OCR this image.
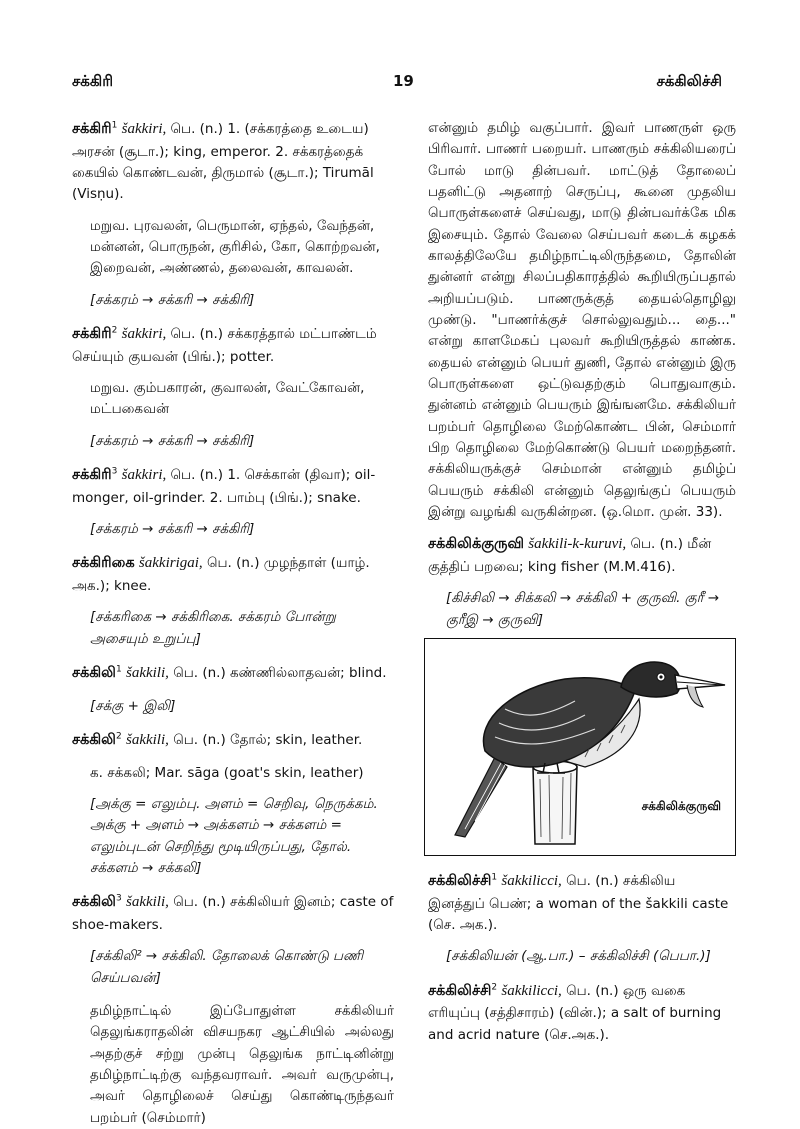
சக்கிரி	19	சக்கிலிச்சி
சக்கிரி$^1$ šakkiri, பெ. (n.) 1. (சக்கரத்தை உடைய) அரசன் (சூடா.); king, emperor. 2. சக்கரத்தைக் கையில் கொண்டவன், திருமால் (சூடா.); Tirumāl (Visṇu).
மறுவ. புரவலன், பெருமான், ஏந்தல், வேந்தன், மன்னன், பொருநன், குரிசில், கோ, கொற்றவன், இறைவன், அண்ணல், தலைவன், காவலன்.
[சக்கரம் → சக்கரி → சக்கிரி]
சக்கிரி$^2$ šakkiri, பெ. (n.) சக்கரத்தால் மட்பாண்டம் செய்யும் குயவன் (பிங்.); potter.
மறுவ. கும்பகாரன், குவாலன், வேட்கோவன், மட்பகைவன்
[சக்கரம் → சக்கரி → சக்கிரி]
சக்கிரி$^3$ šakkiri, பெ. (n.) 1. செக்கான் (திவா); oil-monger, oil-grinder. 2. பாம்பு (பிங்.); snake.
[சக்கரம் → சக்கரி → சக்கிரி]
சக்கிரிகை šakkirigai, பெ. (n.) முழந்தாள் (யாழ். அக.); knee.
[சக்கரிகை → சக்கிரிகை. சக்கரம் போன்று அசையும் உறுப்பு]
சக்கிலி$^1$ šakkili, பெ. (n.) கண்ணில்லாதவன்; blind.
[சக்கு + இலி]
சக்கிலி$^2$ šakkili, பெ. (n.) தோல்; skin, leather.
க. சக்கலி; Mar. sāga (goat's skin, leather)
[அக்கு = எலும்பு. அளம் = செறிவு, நெருக்கம். அக்கு + அளம் → அக்களம் → சக்களம் = எலும்புடன் செறிந்து மூடியிருப்பது, தோல். சக்களம் → சக்கலி]
சக்கிலி$^3$ šakkili, பெ. (n.) சக்கிலியர் இனம்; caste of shoe-makers.
[சக்கிலி² → சக்கிலி. தோலைக் கொண்டு பணி செய்பவன்]
தமிழ்நாட்டில் இப்போதுள்ள சக்கிலியர் தெலுங்கராதலின் விசயநகர ஆட்சியில் அல்லது அதற்குச் சற்று முன்பு தெலுங்க நாட்டினின்று தமிழ்நாட்டிற்கு வந்தவராவர். அவர் வருமுன்பு, அவர் தொழிலைச் செய்து கொண்டிருந்தவர் பறம்பர் (செம்மார்)
என்னும் தமிழ் வகுப்பார். இவர் பாணருள் ஒரு பிரிவார். பாணர் பறையர். பாணரும் சக்கிலியரைப் போல் மாடு தின்பவர். மாட்டுத் தோலைப் பதனிட்டு அதனாற் செருப்பு, கூனை முதலிய பொருள்களைச் செய்வது, மாடு தின்பவர்க்கே மிக இசையும். தோல் வேலை செய்பவர் கடைக் கழகக் காலத்திலேயே தமிழ்நாட்டிலிருந்தமை, தோலின் துன்னர் என்று சிலப்பதிகாரத்தில் கூறியிருப்பதால் அறியப்படும். பாணருக்குத் தையல்தொழிலு முண்டு. "பாணர்க்குச் சொல்லுவதும்... தை..." என்று காளமேகப் புலவர் கூறியிருத்தல் காண்க. தையல் என்னும் பெயர் துணி, தோல் என்னும் இரு பொருள்களை ஒட்டுவதற்கும் பொதுவாகும். துன்னம் என்னும் பெயரும் இங்ஙனமே. சக்கிலியர் பறம்பர் தொழிலை மேற்கொண்ட பின், செம்மார் பிற தொழிலை மேற்கொண்டு பெயர் மறைந்தனர். சக்கிலியருக்குச் செம்மான் என்னும் தமிழ்ப் பெயரும் சக்கிலி என்னும் தெலுங்குப் பெயரும் இன்று வழங்கி வருகின்றன. (ஒ.மொ. முன். 33).
சக்கிலிக்குருவி šakkili-k-kuruvi, பெ. (n.) மீன் குத்திப் பறவை; king fisher (M.M.416).
[கிச்சிலி → சிக்கலி → சக்கிலி + குருவி. குரீ → குரீஇ → குருவி]
சக்கிலிக்குருவி
சக்கிலிச்சி$^1$ šakkilicci, பெ. (n.) சக்கிலிய இனத்துப் பெண்; a woman of the šakkili caste (செ. அக.).
[சக்கிலியன் (ஆ.பா.) – சக்கிலிச்சி (பெபா.)]
சக்கிலிச்சி$^2$ šakkilicci, பெ. (n.) ஒரு வகை எரியுப்பு (சத்திசாரம்) (வின்.); a salt of burning and acrid nature (செ.அக.).
